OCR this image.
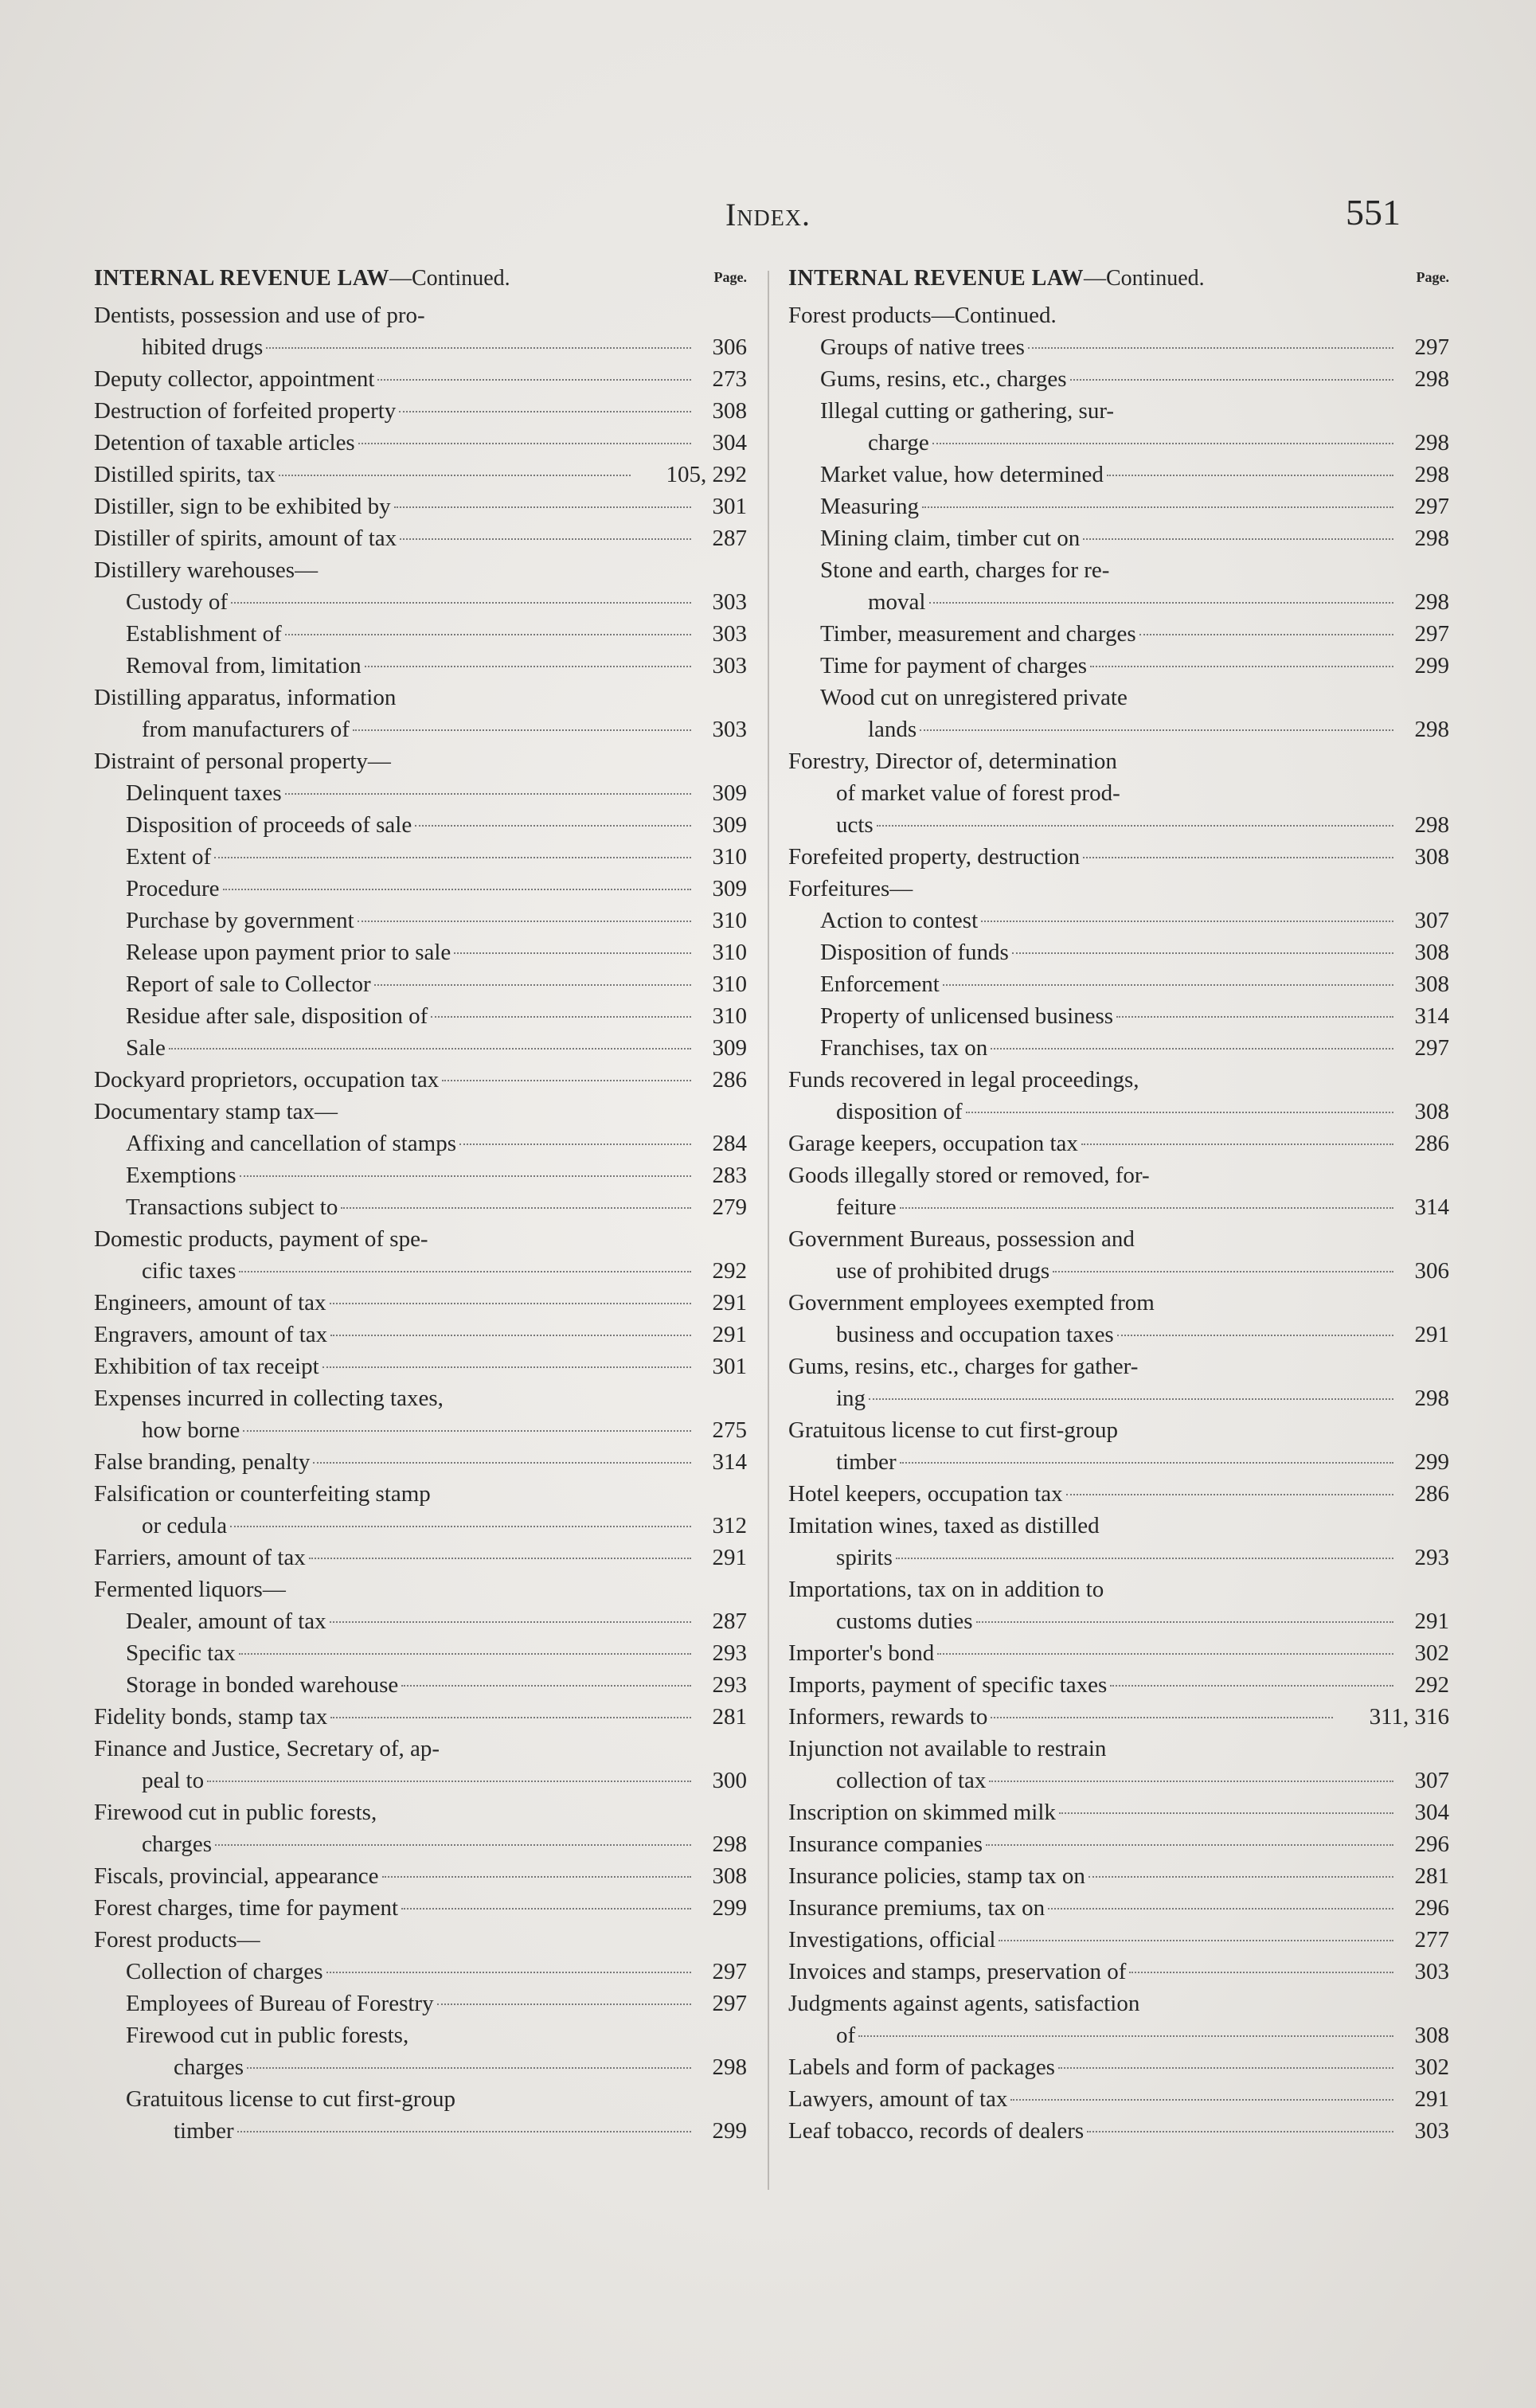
Index.	551
INTERNAL REVENUE LAW—Continued.	Page.
Dentists, possession and use of pro-
hibited drugs	306
Deputy collector, appointment	273
Destruction of forfeited property	308
Detention of taxable articles	304
Distilled spirits, tax	105, 292
Distiller, sign to be exhibited by	301
Distiller of spirits, amount of tax	287
Distillery warehouses—
Custody of	303
Establishment of	303
Removal from, limitation	303
Distilling apparatus, information
from manufacturers of	303
Distraint of personal property—
Delinquent taxes	309
Disposition of proceeds of sale	309
Extent of	310
Procedure	309
Purchase by government	310
Release upon payment prior to sale	310
Report of sale to Collector	310
Residue after sale, disposition of	310
Sale	309
Dockyard proprietors, occupation tax	286
Documentary stamp tax—
Affixing and cancellation of stamps	284
Exemptions	283
Transactions subject to	279
Domestic products, payment of spe-
cific taxes	292
Engineers, amount of tax	291
Engravers, amount of tax	291
Exhibition of tax receipt	301
Expenses incurred in collecting taxes,
how borne	275
False branding, penalty	314
Falsification or counterfeiting stamp
or cedula	312
Farriers, amount of tax	291
Fermented liquors—
Dealer, amount of tax	287
Specific tax	293
Storage in bonded warehouse	293
Fidelity bonds, stamp tax	281
Finance and Justice, Secretary of, ap-
peal to	300
Firewood cut in public forests,
charges	298
Fiscals, provincial, appearance	308
Forest charges, time for payment	299
Forest products—
Collection of charges	297
Employees of Bureau of Forestry	297
Firewood cut in public forests,
charges	298
Gratuitous license to cut first-group
timber	299
INTERNAL REVENUE LAW—Continued.	Page.
Forest products—Continued.
Groups of native trees	297
Gums, resins, etc., charges	298
Illegal cutting or gathering, sur-
charge	298
Market value, how determined	298
Measuring	297
Mining claim, timber cut on	298
Stone and earth, charges for re-
moval	298
Timber, measurement and charges	297
Time for payment of charges	299
Wood cut on unregistered private
lands	298
Forestry, Director of, determination
of market value of forest prod-
ucts	298
Forefeited property, destruction	308
Forfeitures—
Action to contest	307
Disposition of funds	308
Enforcement	308
Property of unlicensed business	314
Franchises, tax on	297
Funds recovered in legal proceedings,
disposition of	308
Garage keepers, occupation tax	286
Goods illegally stored or removed, for-
feiture	314
Government Bureaus, possession and
use of prohibited drugs	306
Government employees exempted from
business and occupation taxes	291
Gums, resins, etc., charges for gather-
ing	298
Gratuitous license to cut first-group
timber	299
Hotel keepers, occupation tax	286
Imitation wines, taxed as distilled
spirits	293
Importations, tax on in addition to
customs duties	291
Importer's bond	302
Imports, payment of specific taxes	292
Informers, rewards to	311, 316
Injunction not available to restrain
collection of tax	307
Inscription on skimmed milk	304
Insurance companies	296
Insurance policies, stamp tax on	281
Insurance premiums, tax on	296
Investigations, official	277
Invoices and stamps, preservation of	303
Judgments against agents, satisfaction
of	308
Labels and form of packages	302
Lawyers, amount of tax	291
Leaf tobacco, records of dealers	303
